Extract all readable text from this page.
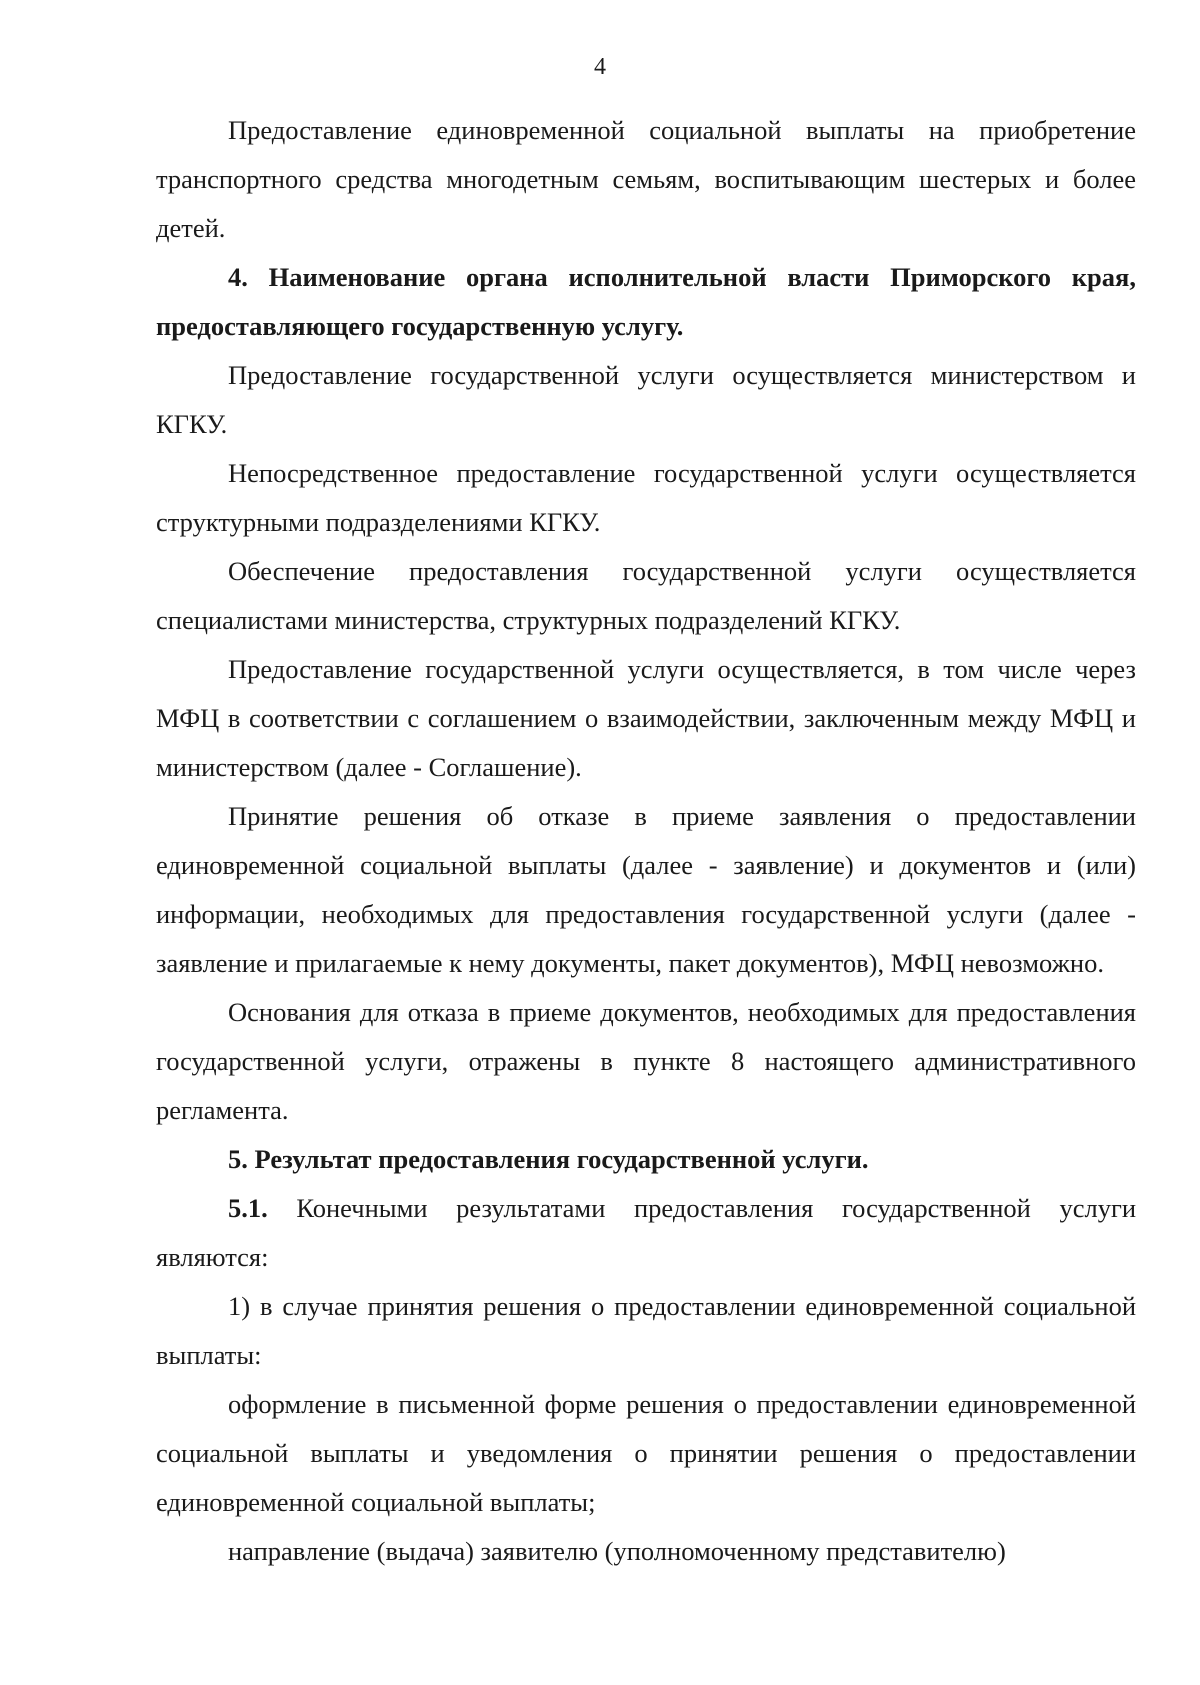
4

Предоставление единовременной социальной выплаты на приобретение транспортного средства многодетным семьям, воспитывающим шестерых и более детей.

4. Наименование органа исполнительной власти Приморского края, предоставляющего государственную услугу.

Предоставление государственной услуги осуществляется министерством и КГКУ.

Непосредственное предоставление государственной услуги осуществляется структурными подразделениями КГКУ.

Обеспечение предоставления государственной услуги осуществляется специалистами министерства, структурных подразделений КГКУ.

Предоставление государственной услуги осуществляется, в том числе через МФЦ в соответствии с соглашением о взаимодействии, заключенным между МФЦ и министерством (далее - Соглашение).

Принятие решения об отказе в приеме заявления о предоставлении единовременной социальной выплаты (далее - заявление) и документов и (или) информации, необходимых для предоставления государственной услуги (далее - заявление и прилагаемые к нему документы, пакет документов), МФЦ невозможно.

Основания для отказа в приеме документов, необходимых для предоставления государственной услуги, отражены в пункте 8 настоящего административного регламента.

5. Результат предоставления государственной услуги.

5.1. Конечными результатами предоставления государственной услуги являются:

1) в случае принятия решения о предоставлении единовременной социальной выплаты:

оформление в письменной форме решения о предоставлении единовременной социальной выплаты и уведомления о принятии решения о предоставлении единовременной социальной выплаты;

направление (выдача) заявителю (уполномоченному представителю)
